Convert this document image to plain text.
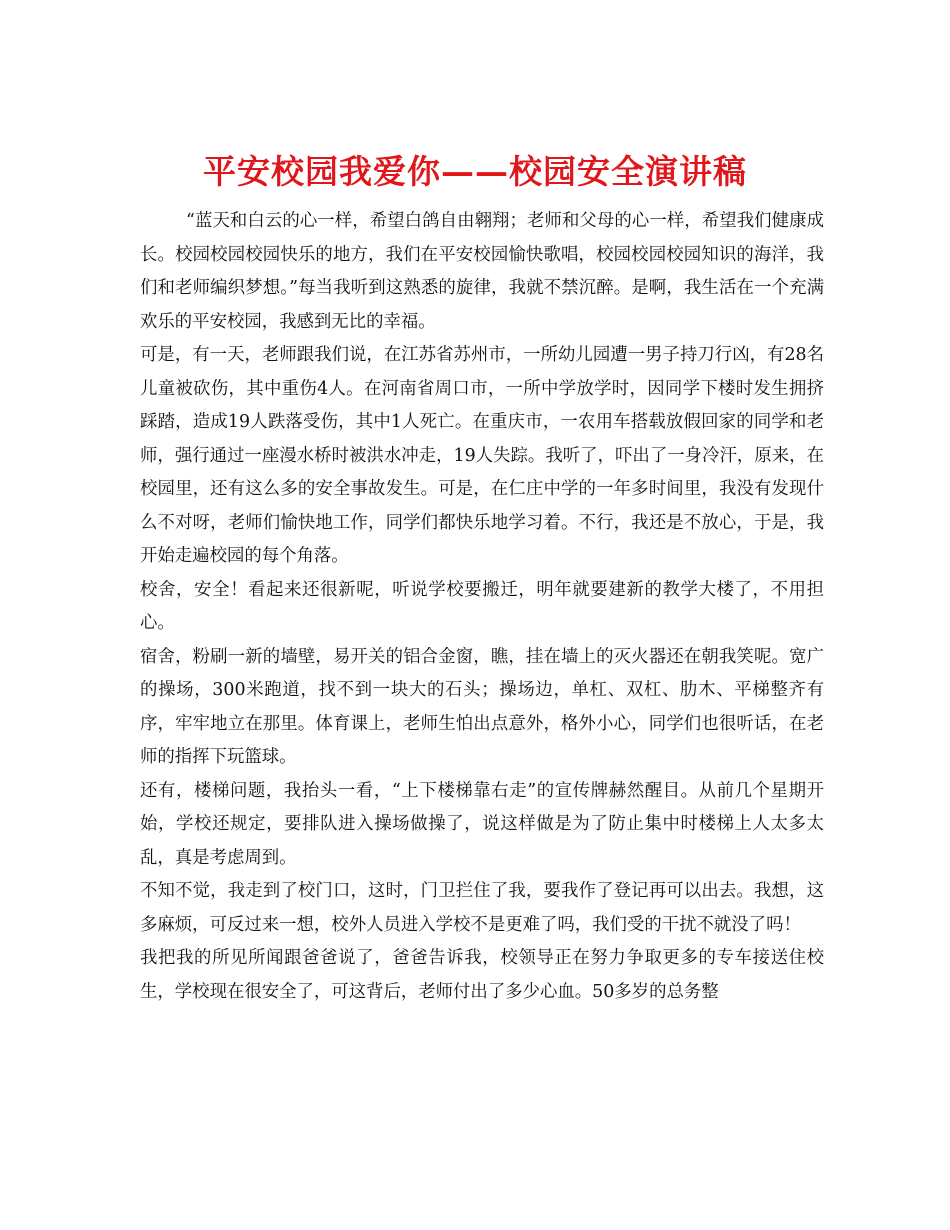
平安校园我爱你——校园安全演讲稿

“蓝天和白云的心一样，希望白鸽自由翱翔；老师和父母的心一样，希望我们健康成长。校园校园校园快乐的地方，我们在平安校园愉快歌唱，校园校园校园知识的海洋，我们和老师编织梦想。”每当我听到这熟悉的旋律，我就不禁沉醉。是啊，我生活在一个充满欢乐的平安校园，我感到无比的幸福。

可是，有一天，老师跟我们说，在江苏省苏州市，一所幼儿园遭一男子持刀行凶，有28名儿童被砍伤，其中重伤4人。在河南省周口市，一所中学放学时，因同学下楼时发生拥挤踩踏，造成19人跌落受伤，其中1人死亡。在重庆市，一农用车搭载放假回家的同学和老师，强行通过一座漫水桥时被洪水冲走，19人失踪。我听了，吓出了一身冷汗，原来，在校园里，还有这么多的安全事故发生。可是，在仁庄中学的一年多时间里，我没有发现什么不对呀，老师们愉快地工作，同学们都快乐地学习着。不行，我还是不放心，于是，我开始走遍校园的每个角落。

校舍，安全！看起来还很新呢，听说学校要搬迁，明年就要建新的教学大楼了，不用担心。

宿舍，粉刷一新的墙壁，易开关的铝合金窗，瞧，挂在墙上的灭火器还在朝我笑呢。宽广的操场，300米跑道，找不到一块大的石头；操场边，单杠、双杠、肋木、平梯整齐有序，牢牢地立在那里。体育课上，老师生怕出点意外，格外小心，同学们也很听话，在老师的指挥下玩篮球。

还有，楼梯问题，我抬头一看，“上下楼梯靠右走”的宣传牌赫然醒目。从前几个星期开始，学校还规定，要排队进入操场做操了，说这样做是为了防止集中时楼梯上人太多太乱，真是考虑周到。

不知不觉，我走到了校门口，这时，门卫拦住了我，要我作了登记再可以出去。我想，这多麻烦，可反过来一想，校外人员进入学校不是更难了吗，我们受的干扰不就没了吗！

我把我的所见所闻跟爸爸说了，爸爸告诉我，校领导正在努力争取更多的专车接送住校生，学校现在很安全了，可这背后，老师付出了多少心血。50多岁的总务整
